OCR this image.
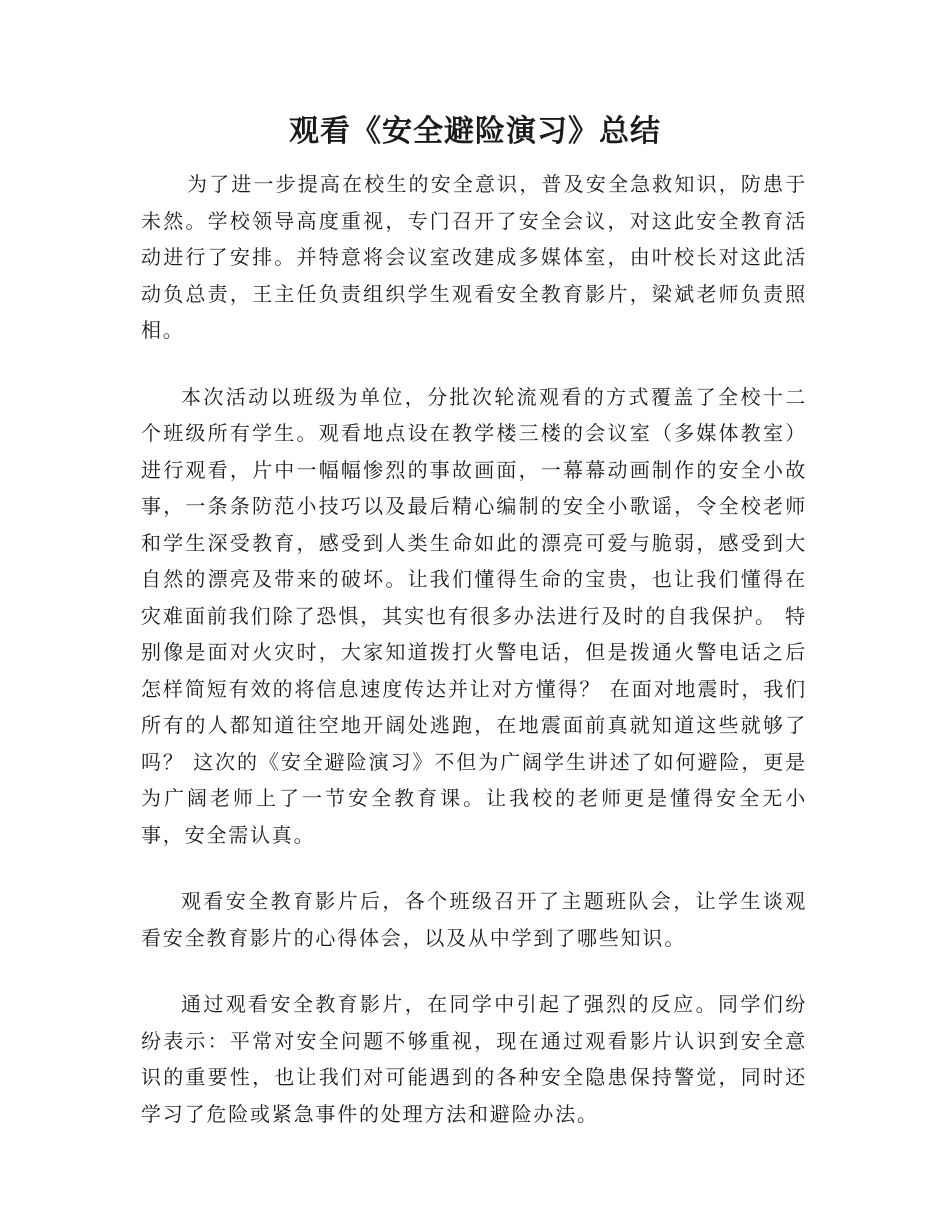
观看《安全避险演习》总结

为了进一步提高在校生的安全意识，普及安全急救知识，防患于未然。学校领导高度重视，专门召开了安全会议，对这此安全教育活动进行了安排。并特意将会议室改建成多媒体室，由叶校长对这此活动负总责，王主任负责组织学生观看安全教育影片，梁斌老师负责照相。

本次活动以班级为单位，分批次轮流观看的方式覆盖了全校十二个班级所有学生。观看地点设在教学楼三楼的会议室（多媒体教室）进行观看，片中一幅幅惨烈的事故画面，一幕幕动画制作的安全小故事，一条条防范小技巧以及最后精心编制的安全小歌谣，令全校老师和学生深受教育，感受到人类生命如此的漂亮可爱与脆弱，感受到大自然的漂亮及带来的破坏。让我们懂得生命的宝贵，也让我们懂得在灾难面前我们除了恐惧，其实也有很多办法进行及时的自我保护。 特别像是面对火灾时，大家知道拨打火警电话，但是拨通火警电话之后怎样简短有效的将信息速度传达并让对方懂得？ 在面对地震时，我们所有的人都知道往空地开阔处逃跑，在地震面前真就知道这些就够了吗？ 这次的《安全避险演习》不但为广阔学生讲述了如何避险，更是为广阔老师上了一节安全教育课。让我校的老师更是懂得安全无小事，安全需认真。

观看安全教育影片后，各个班级召开了主题班队会，让学生谈观看安全教育影片的心得体会，以及从中学到了哪些知识。

通过观看安全教育影片，在同学中引起了强烈的反应。同学们纷纷表示：平常对安全问题不够重视，现在通过观看影片认识到安全意识的重要性，也让我们对可能遇到的各种安全隐患保持警觉，同时还学习了危险或紧急事件的处理方法和避险办法。
